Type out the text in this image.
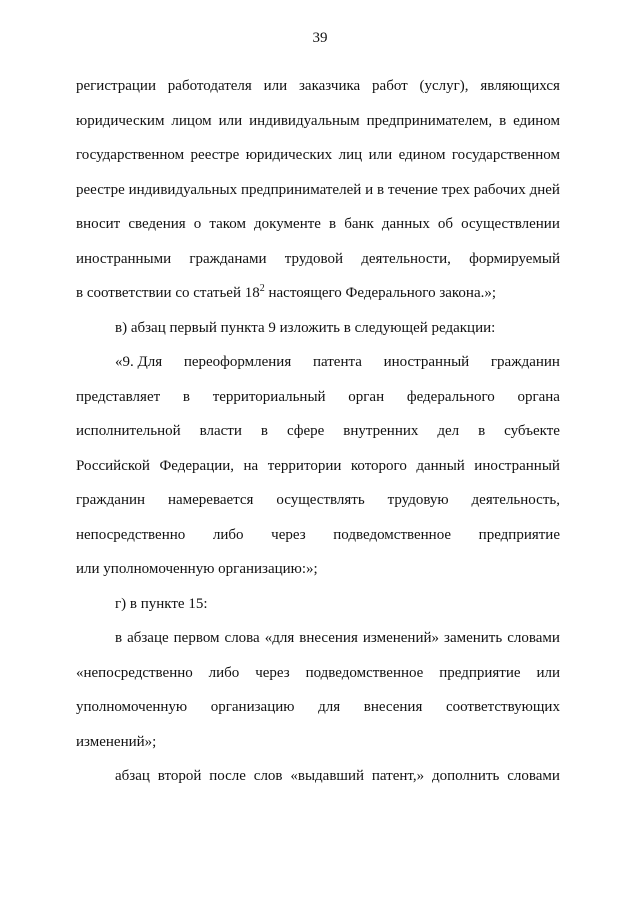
39
регистрации работодателя или заказчика работ (услуг), являющихся
юридическим лицом или индивидуальным предпринимателем, в едином
государственном реестре юридических лиц или едином государственном
реестре индивидуальных предпринимателей и в течение трех рабочих дней
вносит сведения о таком документе в банк данных об осуществлении
иностранными гражданами трудовой деятельности, формируемый
в соответствии со статьей $18^2$ настоящего Федерального закона.»;
в) абзац первый пункта 9 изложить в следующей редакции:
«9. Для переоформления патента иностранный гражданин
представляет в территориальный орган федерального органа
исполнительной власти в сфере внутренних дел в субъекте
Российской Федерации, на территории которого данный иностранный
гражданин намеревается осуществлять трудовую деятельность,
непосредственно либо через подведомственное предприятие
или уполномоченную организацию:»;
г) в пункте 15:
в абзаце первом слова «для внесения изменений» заменить словами
«непосредственно либо через подведомственное предприятие или
уполномоченную организацию для внесения соответствующих
изменений»;
абзац второй после слов «выдавший патент,» дополнить словами
